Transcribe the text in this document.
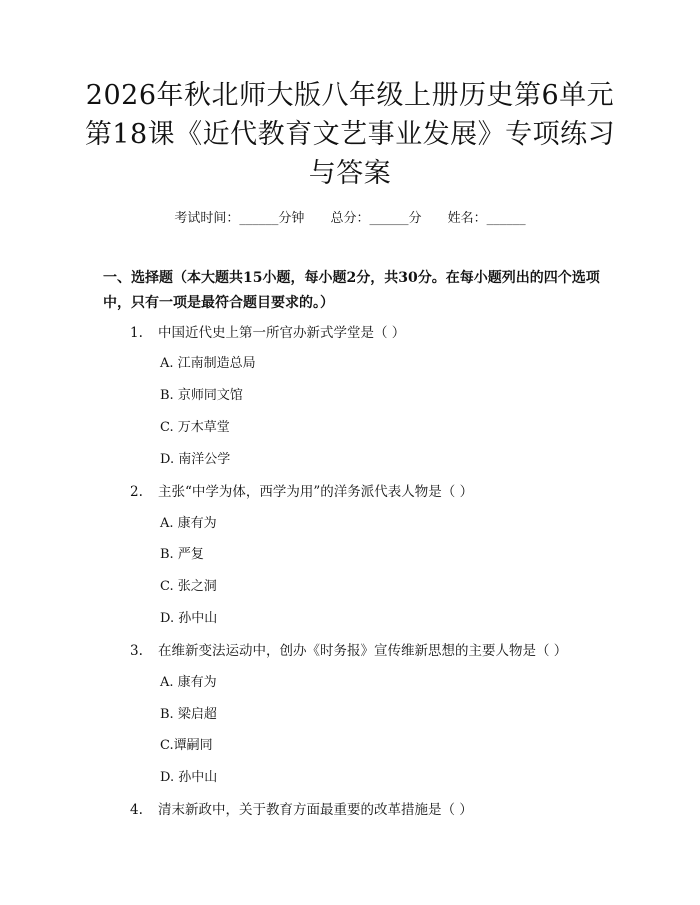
2026年秋北师大版八年级上册历史第6单元
第18课《近代教育文艺事业发展》专项练习
与答案
考试时间：______分钟 总分：______分 姓名：______
一、选择题（本大题共15小题，每小题2分，共30分。在每小题列出的四个选项中，只有一项是最符合题目要求的。）
1. 中国近代史上第一所官办新式学堂是（ ）
A. 江南制造总局
B. 京师同文馆
C. 万木草堂
D. 南洋公学
2. 主张“中学为体，西学为用”的洋务派代表人物是（ ）
A. 康有为
B. 严复
C. 张之洞
D. 孙中山
3. 在维新变法运动中，创办《时务报》宣传维新思想的主要人物是（ ）
A. 康有为
B. 梁启超
C.谭嗣同
D. 孙中山
4. 清末新政中，关于教育方面最重要的改革措施是（ ）
